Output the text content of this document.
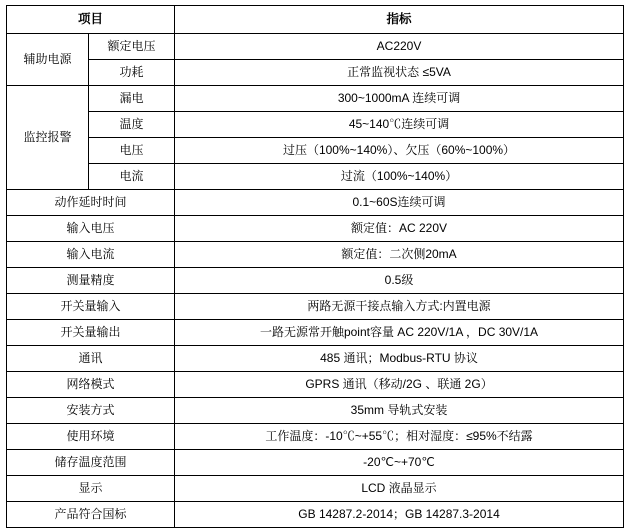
项目		指标
辅助电源	额定电压	AC220V
	功耗	正常监视状态 ≤5VA
监控报警	漏电	300~1000mA 连续可调
	温度	45~140℃连续可调
	电压	过压（100%~140%）、欠压（60%~100%）
	电流	过流（100%~140%）
动作延时时间		0.1~60S连续可调
输入电压		额定值：AC 220V
输入电流		额定值：二次侧20mA
测量精度		0.5级
开关量输入		两路无源干接点输入方式:内置电源
开关量输出		一路无源常开触point容量 AC 220V/1A ，DC 30V/1A
通讯		485 通讯；Modbus-RTU 协议
网络模式		GPRS 通讯（移动/2G 、联通 2G）
安装方式		35mm 导轨式安装
使用环境		工作温度：-10℃~+55℃；相对湿度：≤95%不结露
储存温度范围		-20℃~+70℃
显示		LCD 液晶显示
产品符合国标		GB 14287.2-2014；GB 14287.3-2014
